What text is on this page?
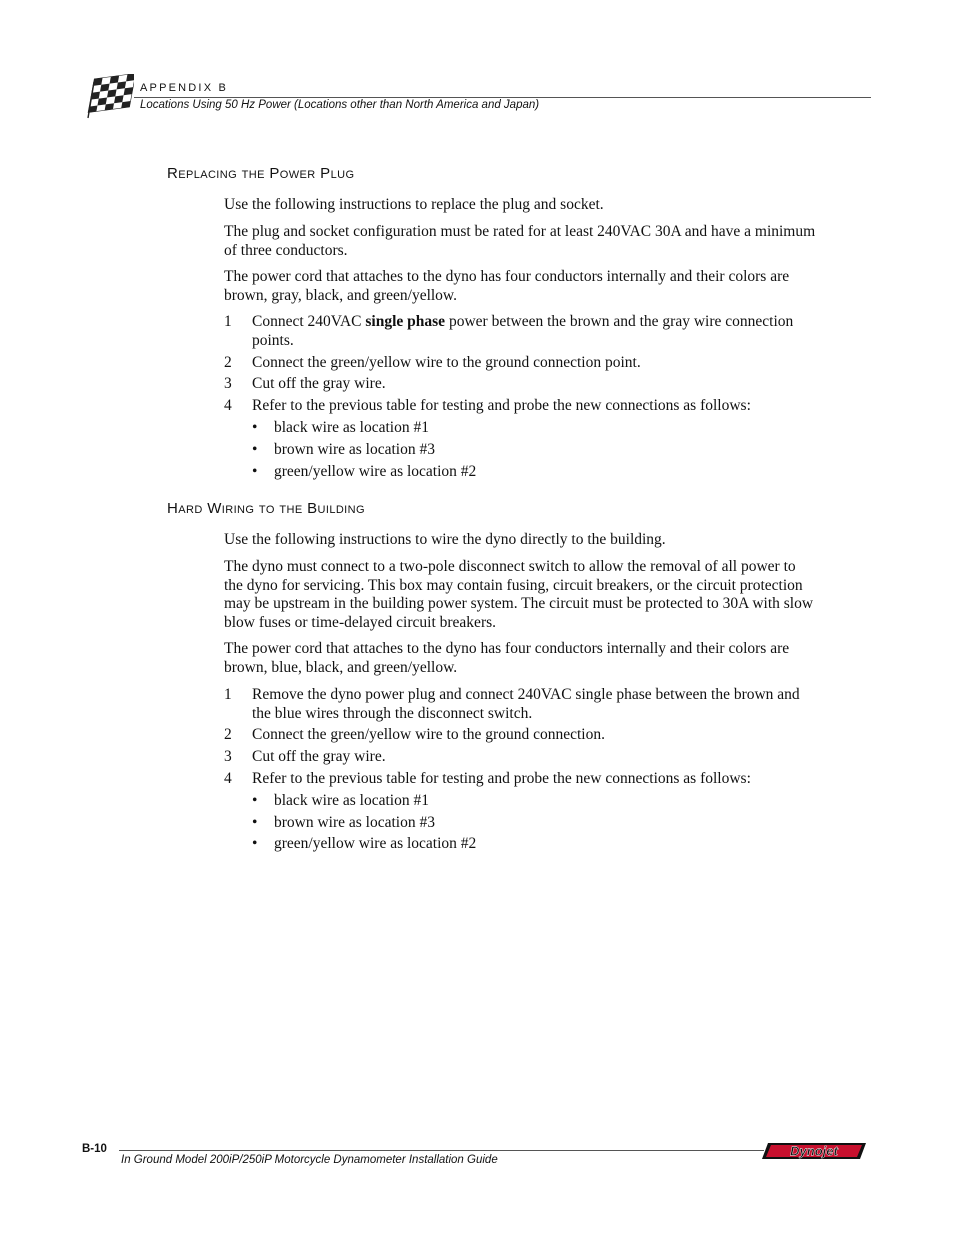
APPENDIX B
Locations Using 50 Hz Power (Locations other than North America and Japan)
Replacing the Power Plug
Use the following instructions to replace the plug and socket.
The plug and socket configuration must be rated for at least 240VAC 30A and have a minimum of three conductors.
The power cord that attaches to the dyno has four conductors internally and their colors are brown, gray, black, and green/yellow.
1 Connect 240VAC single phase power between the brown and the gray wire connection points.
2 Connect the green/yellow wire to the ground connection point.
3 Cut off the gray wire.
4 Refer to the previous table for testing and probe the new connections as follows:
• black wire as location #1
• brown wire as location #3
• green/yellow wire as location #2
Hard Wiring to the Building
Use the following instructions to wire the dyno directly to the building.
The dyno must connect to a two-pole disconnect switch to allow the removal of all power to the dyno for servicing. This box may contain fusing, circuit breakers, or the circuit protection may be upstream in the building power system. The circuit must be protected to 30A with slow blow fuses or time-delayed circuit breakers.
The power cord that attaches to the dyno has four conductors internally and their colors are brown, blue, black, and green/yellow.
1 Remove the dyno power plug and connect 240VAC single phase between the brown and the blue wires through the disconnect switch.
2 Connect the green/yellow wire to the ground connection.
3 Cut off the gray wire.
4 Refer to the previous table for testing and probe the new connections as follows:
• black wire as location #1
• brown wire as location #3
• green/yellow wire as location #2
B-10
In Ground Model 200iP/250iP Motorcycle Dynamometer Installation Guide
Dynojet
